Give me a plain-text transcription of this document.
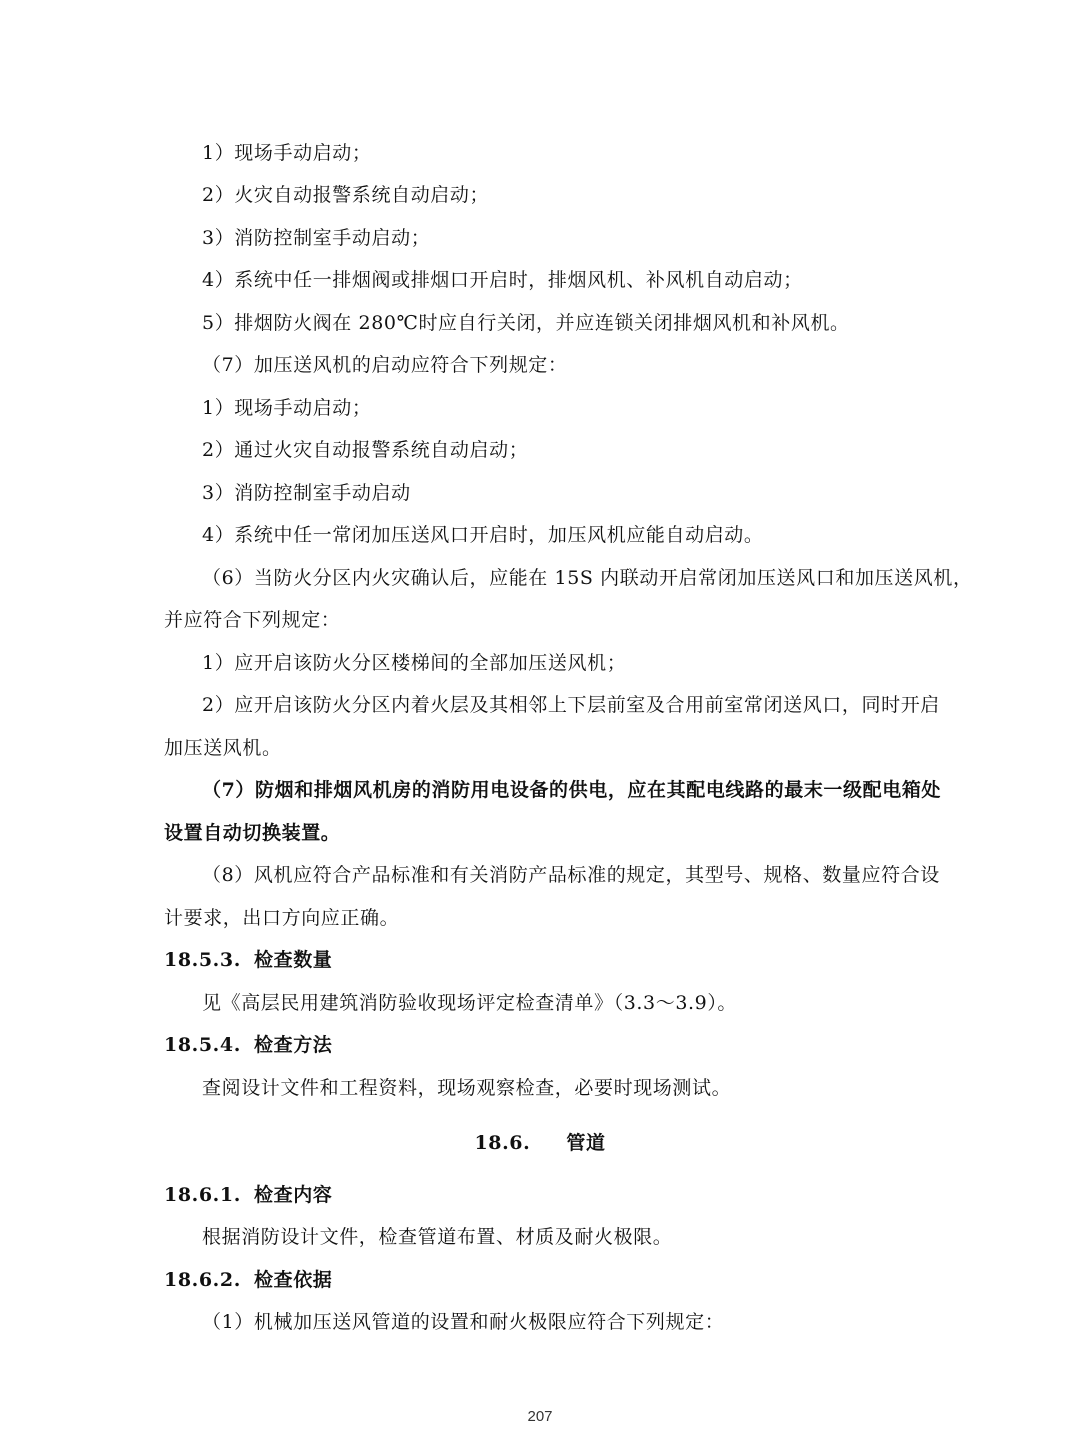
1）现场手动启动；
2）火灾自动报警系统自动启动；
3）消防控制室手动启动；
4）系统中任一排烟阀或排烟口开启时，排烟风机、补风机自动启动；
5）排烟防火阀在 280℃时应自行关闭，并应连锁关闭排烟风机和补风机。
（7）加压送风机的启动应符合下列规定：
1）现场手动启动；
2）通过火灾自动报警系统自动启动；
3）消防控制室手动启动
4）系统中任一常闭加压送风口开启时，加压风机应能自动启动。
（6）当防火分区内火灾确认后，应能在 15S 内联动开启常闭加压送风口和加压送风机，
并应符合下列规定：
1）应开启该防火分区楼梯间的全部加压送风机；
2）应开启该防火分区内着火层及其相邻上下层前室及合用前室常闭送风口，同时开启
加压送风机。
（7）防烟和排烟风机房的消防用电设备的供电，应在其配电线路的最末一级配电箱处
设置自动切换装置。
（8）风机应符合产品标准和有关消防产品标准的规定，其型号、规格、数量应符合设
计要求，出口方向应正确。
18.5.3. 检查数量
见《高层民用建筑消防验收现场评定检查清单》（3.3～3.9）。
18.5.4. 检查方法
查阅设计文件和工程资料，现场观察检查，必要时现场测试。
18.6. 管道
18.6.1. 检查内容
根据消防设计文件，检查管道布置、材质及耐火极限。
18.6.2. 检查依据
（1）机械加压送风管道的设置和耐火极限应符合下列规定：
207
